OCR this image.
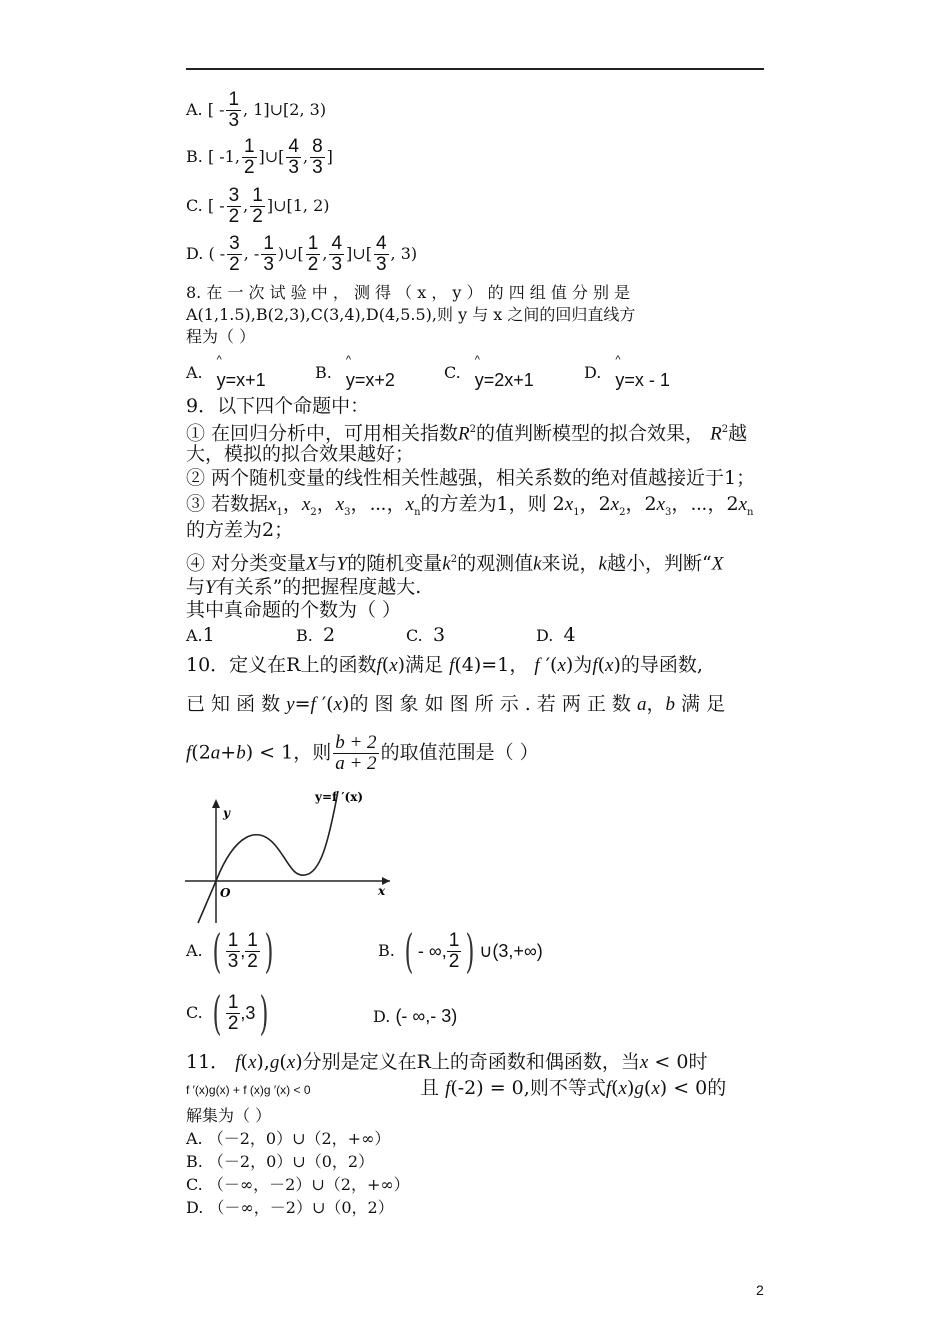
A. [ - $\frac{1}{3}$ , 1]∪[2, 3)
B. [ -1, $\frac{1}{2}$ ]∪[ $\frac{4}{3}$ , $\frac{8}{3}$ ]
C. [ - $\frac{3}{2}$ , $\frac{1}{2}$ ]∪[1, 2)
D. ( - $\frac{3}{2}$ , - $\frac{1}{3}$ )∪[ $\frac{1}{2}$ , $\frac{4}{3}$ ]∪[ $\frac{4}{3}$ , 3)
8. 在 一 次 试 验 中 ， 测 得 （ x ， y ） 的 四 组 值 分 别 是
A(1,1.5),B(2,3),C(3,4),D(4,5.5),则 y 与 x 之间的回归直线方
程为（ ）
A. ^ y=x+1	B. ^ y=x+2	C. ^ y=2x+1	D. ^ y=x - 1
9．以下四个命题中：
① 在回归分析中，可用相关指数$R^2$的值判断模型的拟合效果， $R^2$越
大，模拟的拟合效果越好；
② 两个随机变量的线性相关性越强，相关系数的绝对值越接近于1；
③ 若数据$x_1$，$x_2$，$x_3$，⋯，$x_n$的方差为1，则 $2x_1$，$2x_2$，$2x_3$，⋯，$2x_n$
的方差为2；
④ 对分类变量X与Y的随机变量$k^2$的观测值k来说，k越小，判断“X
与Y有关系”的把握程度越大.
其中真命题的个数为（ ）
A.1	B. 2	C. 3	D. 4
10．定义在R上的函数f(x)满足 f(4)=1， f ′(x)为f(x)的导函数,
已 知 函 数 y=f ′(x)的 图 象 如 图 所 示 . 若 两 正 数 a，b 满 足
f(2a+b) < 1，则 $\frac{b + 2}{a + 2}$ 的取值范围是（ ）
y
x
O
y=f ′(x)
A. ( $\frac{1}{3}$ , $\frac{1}{2}$ )	B. ( - ∞, $\frac{1}{2}$ ) ∪(3,+∞)
C. ( $\frac{1}{2} ,3$)	D. (- ∞,- 3)
11． f(x),g(x)分别是定义在R上的奇函数和偶函数，当x < 0时
f ′(x)g(x) + f (x)g ′(x) < 0	且 f(-2) = 0,则不等式f(x)g(x) < 0的
解集为（ ）
A. （－2，0）∪（2，+∞）
B. （－2，0）∪（0，2）
C. （－∞，－2）∪（2，+∞）
D. （－∞，－2）∪（0，2）
2
